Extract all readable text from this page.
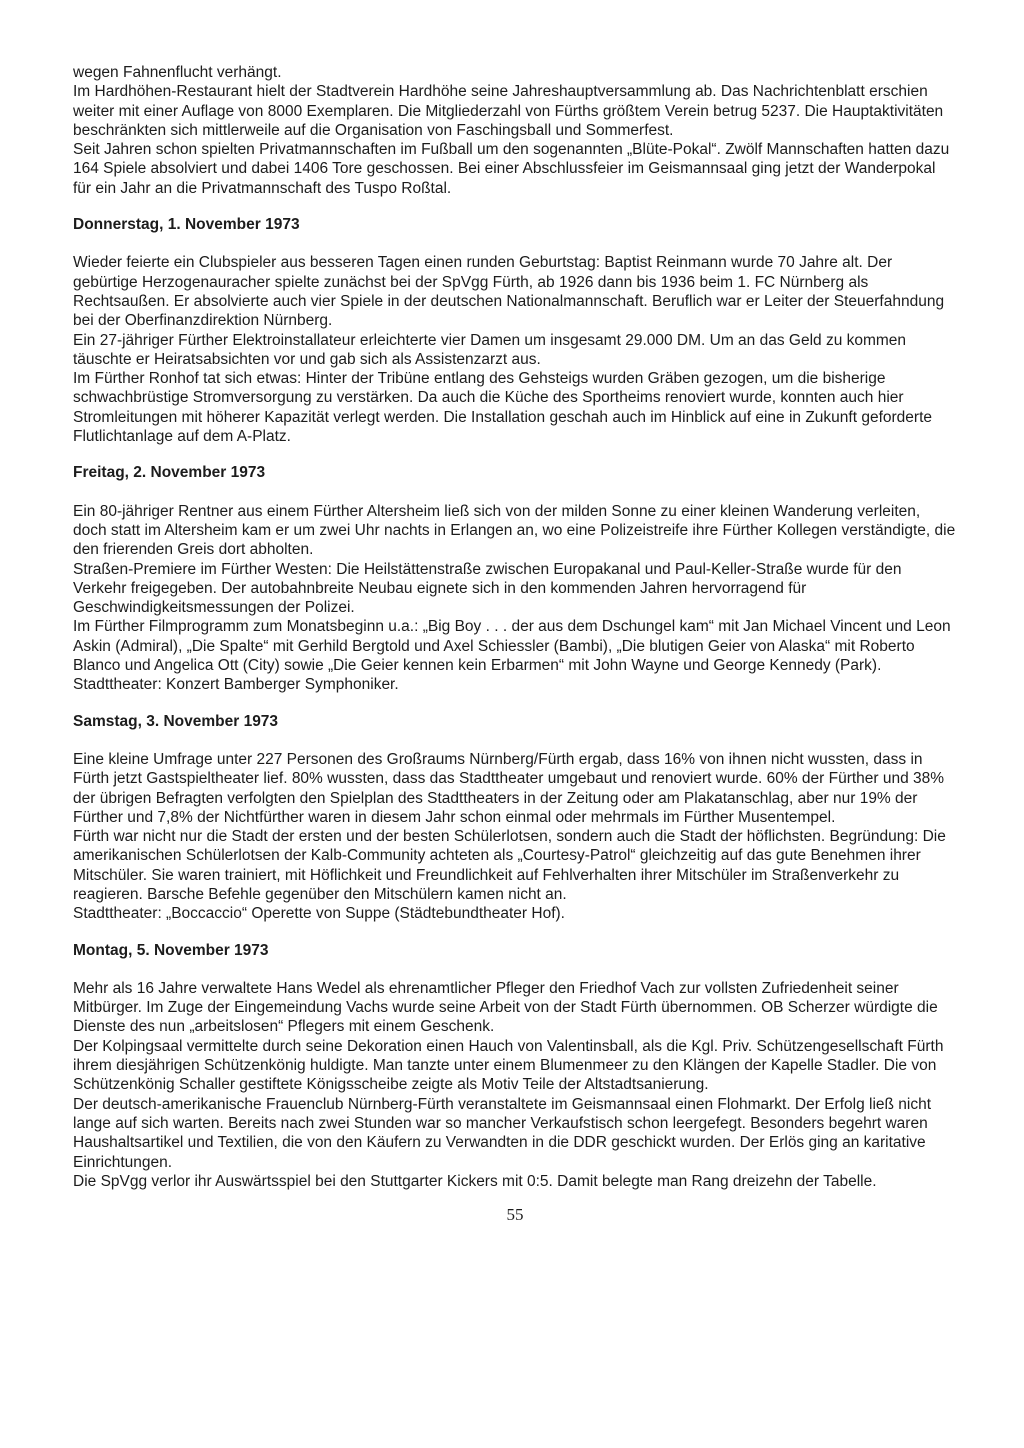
wegen Fahnenflucht verhängt.
Im Hardhöhen-Restaurant hielt der Stadtverein Hardhöhe seine Jahreshauptversammlung ab. Das Nachrichtenblatt erschien weiter mit einer Auflage von 8000 Exemplaren. Die Mitgliederzahl von Fürths größtem Verein betrug 5237. Die Hauptaktivitäten beschränkten sich mittlerweile auf die Organisation von Faschingsball und Sommerfest.
Seit Jahren schon spielten Privatmannschaften im Fußball um den sogenannten „Blüte-Pokal“. Zwölf Mannschaften hatten dazu 164 Spiele absolviert und dabei 1406 Tore geschossen. Bei einer Abschlussfeier im Geismannsaal ging jetzt der Wanderpokal für ein Jahr an die Privatmannschaft des Tuspo Roßtal.
Donnerstag, 1. November 1973
Wieder feierte ein Clubspieler aus besseren Tagen einen runden Geburtstag: Baptist Reinmann wurde 70 Jahre alt. Der gebürtige Herzogenauracher spielte zunächst bei der SpVgg Fürth, ab 1926 dann bis 1936 beim 1. FC Nürnberg als Rechtsaußen. Er absolvierte auch vier Spiele in der deutschen Nationalmannschaft. Beruflich war er Leiter der Steuerfahndung bei der Oberfinanzdirektion Nürnberg.
Ein 27-jähriger Fürther Elektroinstallateur erleichterte vier Damen um insgesamt 29.000 DM. Um an das Geld zu kommen täuschte er Heiratsabsichten vor und gab sich als Assistenzarzt aus.
Im Fürther Ronhof tat sich etwas: Hinter der Tribüne entlang des Gehsteigs wurden Gräben gezogen, um die bisherige schwachbrüstige Stromversorgung zu verstärken. Da auch die Küche des Sportheims renoviert wurde, konnten auch hier Stromleitungen mit höherer Kapazität verlegt werden. Die Installation geschah auch im Hinblick auf eine in Zukunft geforderte Flutlichtanlage auf dem A-Platz.
Freitag, 2. November 1973
Ein 80-jähriger Rentner aus einem Fürther Altersheim ließ sich von der milden Sonne zu einer kleinen Wanderung verleiten, doch statt im Altersheim kam er um zwei Uhr nachts in Erlangen an, wo eine Polizeistreife ihre Fürther Kollegen verständigte, die den frierenden Greis dort abholten.
Straßen-Premiere im Fürther Westen: Die Heilstättenstraße zwischen Europakanal und Paul-Keller-Straße wurde für den Verkehr freigegeben. Der autobahnbreite Neubau eignete sich in den kommenden Jahren hervorragend für Geschwindigkeitsmessungen der Polizei.
Im Fürther Filmprogramm zum Monatsbeginn u.a.: „Big Boy . . . der aus dem Dschungel kam“ mit Jan Michael Vincent und Leon Askin (Admiral), „Die Spalte“ mit Gerhild Bergtold und Axel Schiessler (Bambi), „Die blutigen Geier von Alaska“ mit Roberto Blanco und Angelica Ott (City) sowie „Die Geier kennen kein Erbarmen“ mit John Wayne und George Kennedy (Park).
Stadttheater: Konzert Bamberger Symphoniker.
Samstag, 3. November 1973
Eine kleine Umfrage unter 227 Personen des Großraums Nürnberg/Fürth ergab, dass 16% von ihnen nicht wussten, dass in Fürth jetzt Gastspieltheater lief. 80% wussten, dass das Stadttheater umgebaut und renoviert wurde. 60% der Fürther und 38% der übrigen Befragten verfolgten den Spielplan des Stadttheaters in der Zeitung oder am Plakatanschlag, aber nur 19% der Fürther und 7,8% der Nichtfürther waren in diesem Jahr schon einmal oder mehrmals im Fürther Musentempel.
Fürth war nicht nur die Stadt der ersten und der besten Schülerlotsen, sondern auch die Stadt der höflichsten. Begründung: Die amerikanischen Schülerlotsen der Kalb-Community achteten als „Courtesy-Patrol“ gleichzeitig auf das gute Benehmen ihrer Mitschüler. Sie waren trainiert, mit Höflichkeit und Freundlichkeit auf Fehlverhalten ihrer Mitschüler im Straßenverkehr zu reagieren. Barsche Befehle gegenüber den Mitschülern kamen nicht an.
Stadttheater: „Boccaccio“ Operette von Suppe (Städtebundtheater Hof).
Montag, 5. November 1973
Mehr als 16 Jahre verwaltete Hans Wedel als ehrenamtlicher Pfleger den Friedhof Vach zur vollsten Zufriedenheit seiner Mitbürger. Im Zuge der Eingemeindung Vachs wurde seine Arbeit von der Stadt Fürth übernommen. OB Scherzer würdigte die Dienste des nun „arbeitslosen“ Pflegers mit einem Geschenk.
Der Kolpingsaal vermittelte durch seine Dekoration einen Hauch von Valentinsball, als die Kgl. Priv. Schützengesellschaft Fürth ihrem diesjährigen Schützenkönig huldigte. Man tanzte unter einem Blumenmeer zu den Klängen der Kapelle Stadler. Die von Schützenkönig Schaller gestiftete Königsscheibe zeigte als Motiv Teile der Altstadtsanierung.
Der deutsch-amerikanische Frauenclub Nürnberg-Fürth veranstaltete im Geismannsaal einen Flohmarkt. Der Erfolg ließ nicht lange auf sich warten. Bereits nach zwei Stunden war so mancher Verkaufstisch schon leergefegt. Besonders begehrt waren Haushaltsartikel und Textilien, die von den Käufern zu Verwandten in die DDR geschickt wurden. Der Erlös ging an karitative Einrichtungen.
Die SpVgg verlor ihr Auswärtsspiel bei den Stuttgarter Kickers mit 0:5. Damit belegte man Rang dreizehn der Tabelle.
55
